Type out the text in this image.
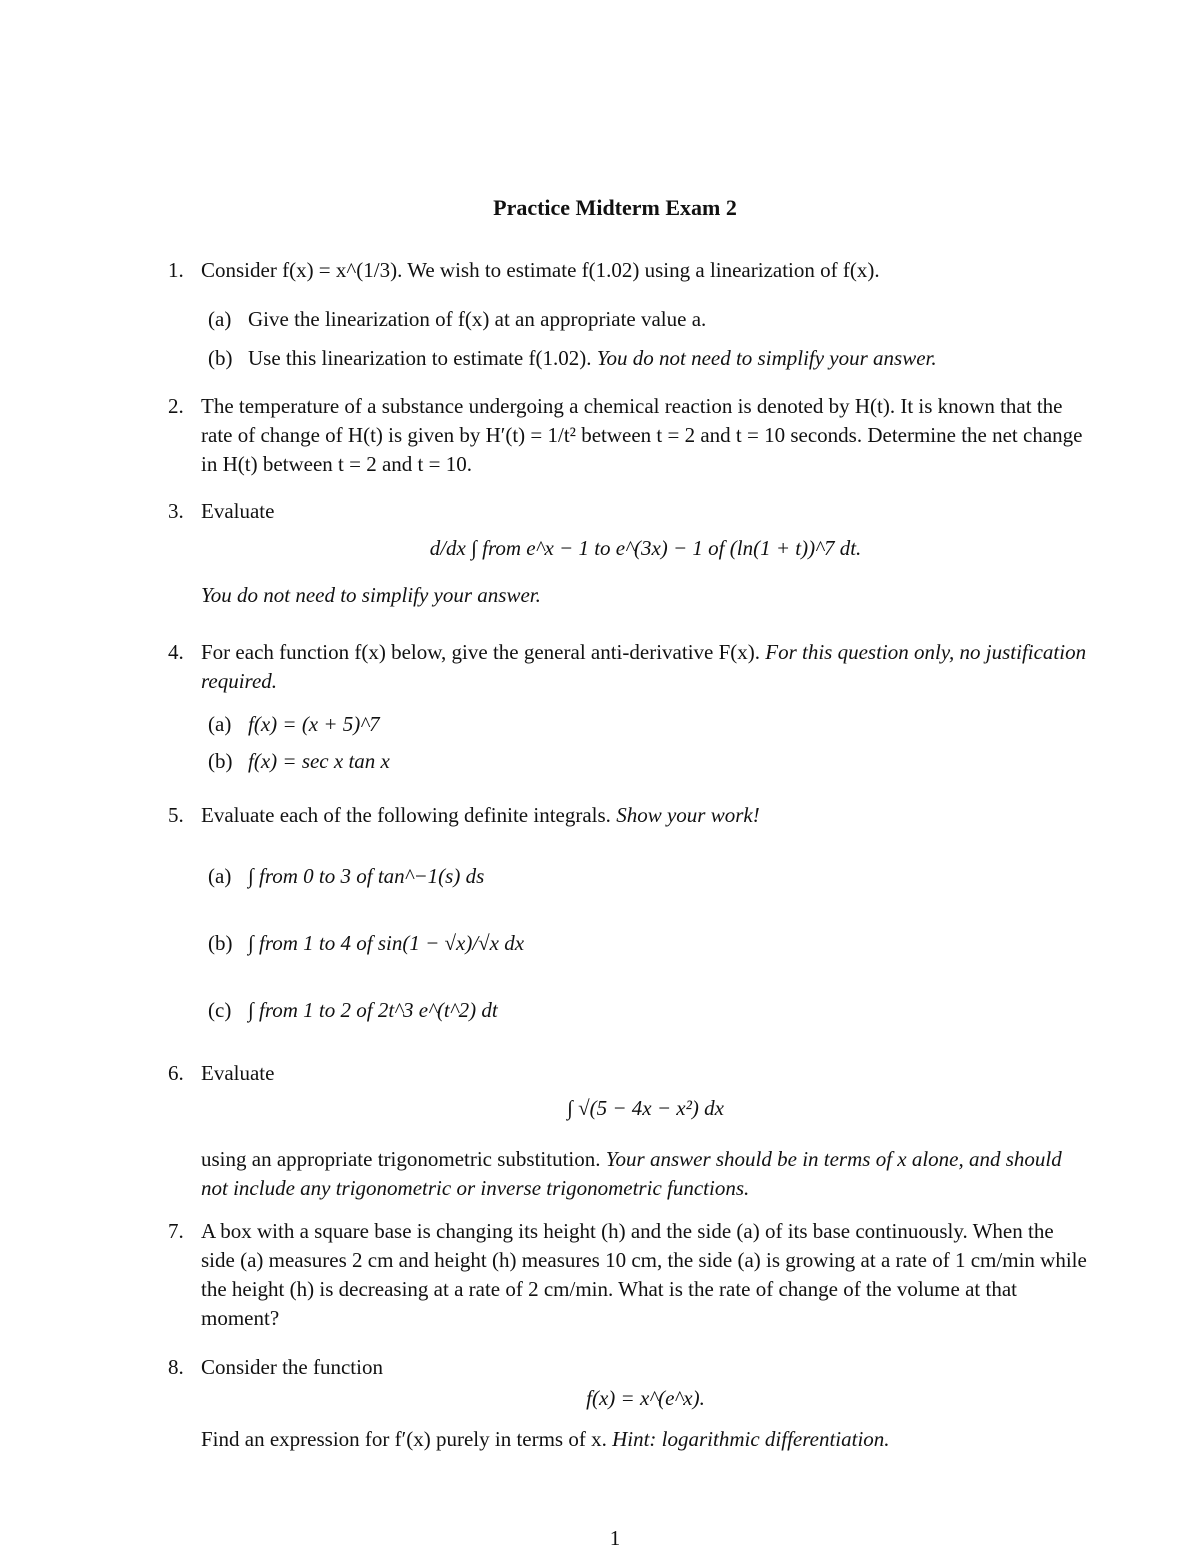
Practice Midterm Exam 2
1. Consider f(x) = x^(1/3). We wish to estimate f(1.02) using a linearization of f(x).
(a) Give the linearization of f(x) at an appropriate value a.
(b) Use this linearization to estimate f(1.02). You do not need to simplify your answer.
2. The temperature of a substance undergoing a chemical reaction is denoted by H(t). It is known that the rate of change of H(t) is given by H′(t) = 1/t² between t = 2 and t = 10 seconds. Determine the net change in H(t) between t = 2 and t = 10.
3. Evaluate
d/dx ∫ from e^x − 1 to e^(3x) − 1 of (ln(1 + t))^7 dt.
You do not need to simplify your answer.
4. For each function f(x) below, give the general anti-derivative F(x). For this question only, no justification required.
(a) f(x) = (x + 5)^7
(b) f(x) = sec x tan x
5. Evaluate each of the following definite integrals. Show your work!
(a) ∫ from 0 to 3 of tan^−1(s) ds
(b) ∫ from 1 to 4 of sin(1 − √x)/√x dx
(c) ∫ from 1 to 2 of 2t^3 e^(t^2) dt
6. Evaluate
∫ √(5 − 4x − x²) dx
using an appropriate trigonometric substitution. Your answer should be in terms of x alone, and should not include any trigonometric or inverse trigonometric functions.
7. A box with a square base is changing its height (h) and the side (a) of its base continuously. When the side (a) measures 2 cm and height (h) measures 10 cm, the side (a) is growing at a rate of 1 cm/min while the height (h) is decreasing at a rate of 2 cm/min. What is the rate of change of the volume at that moment?
8. Consider the function
f(x) = x^(e^x).
Find an expression for f′(x) purely in terms of x. Hint: logarithmic differentiation.
1
